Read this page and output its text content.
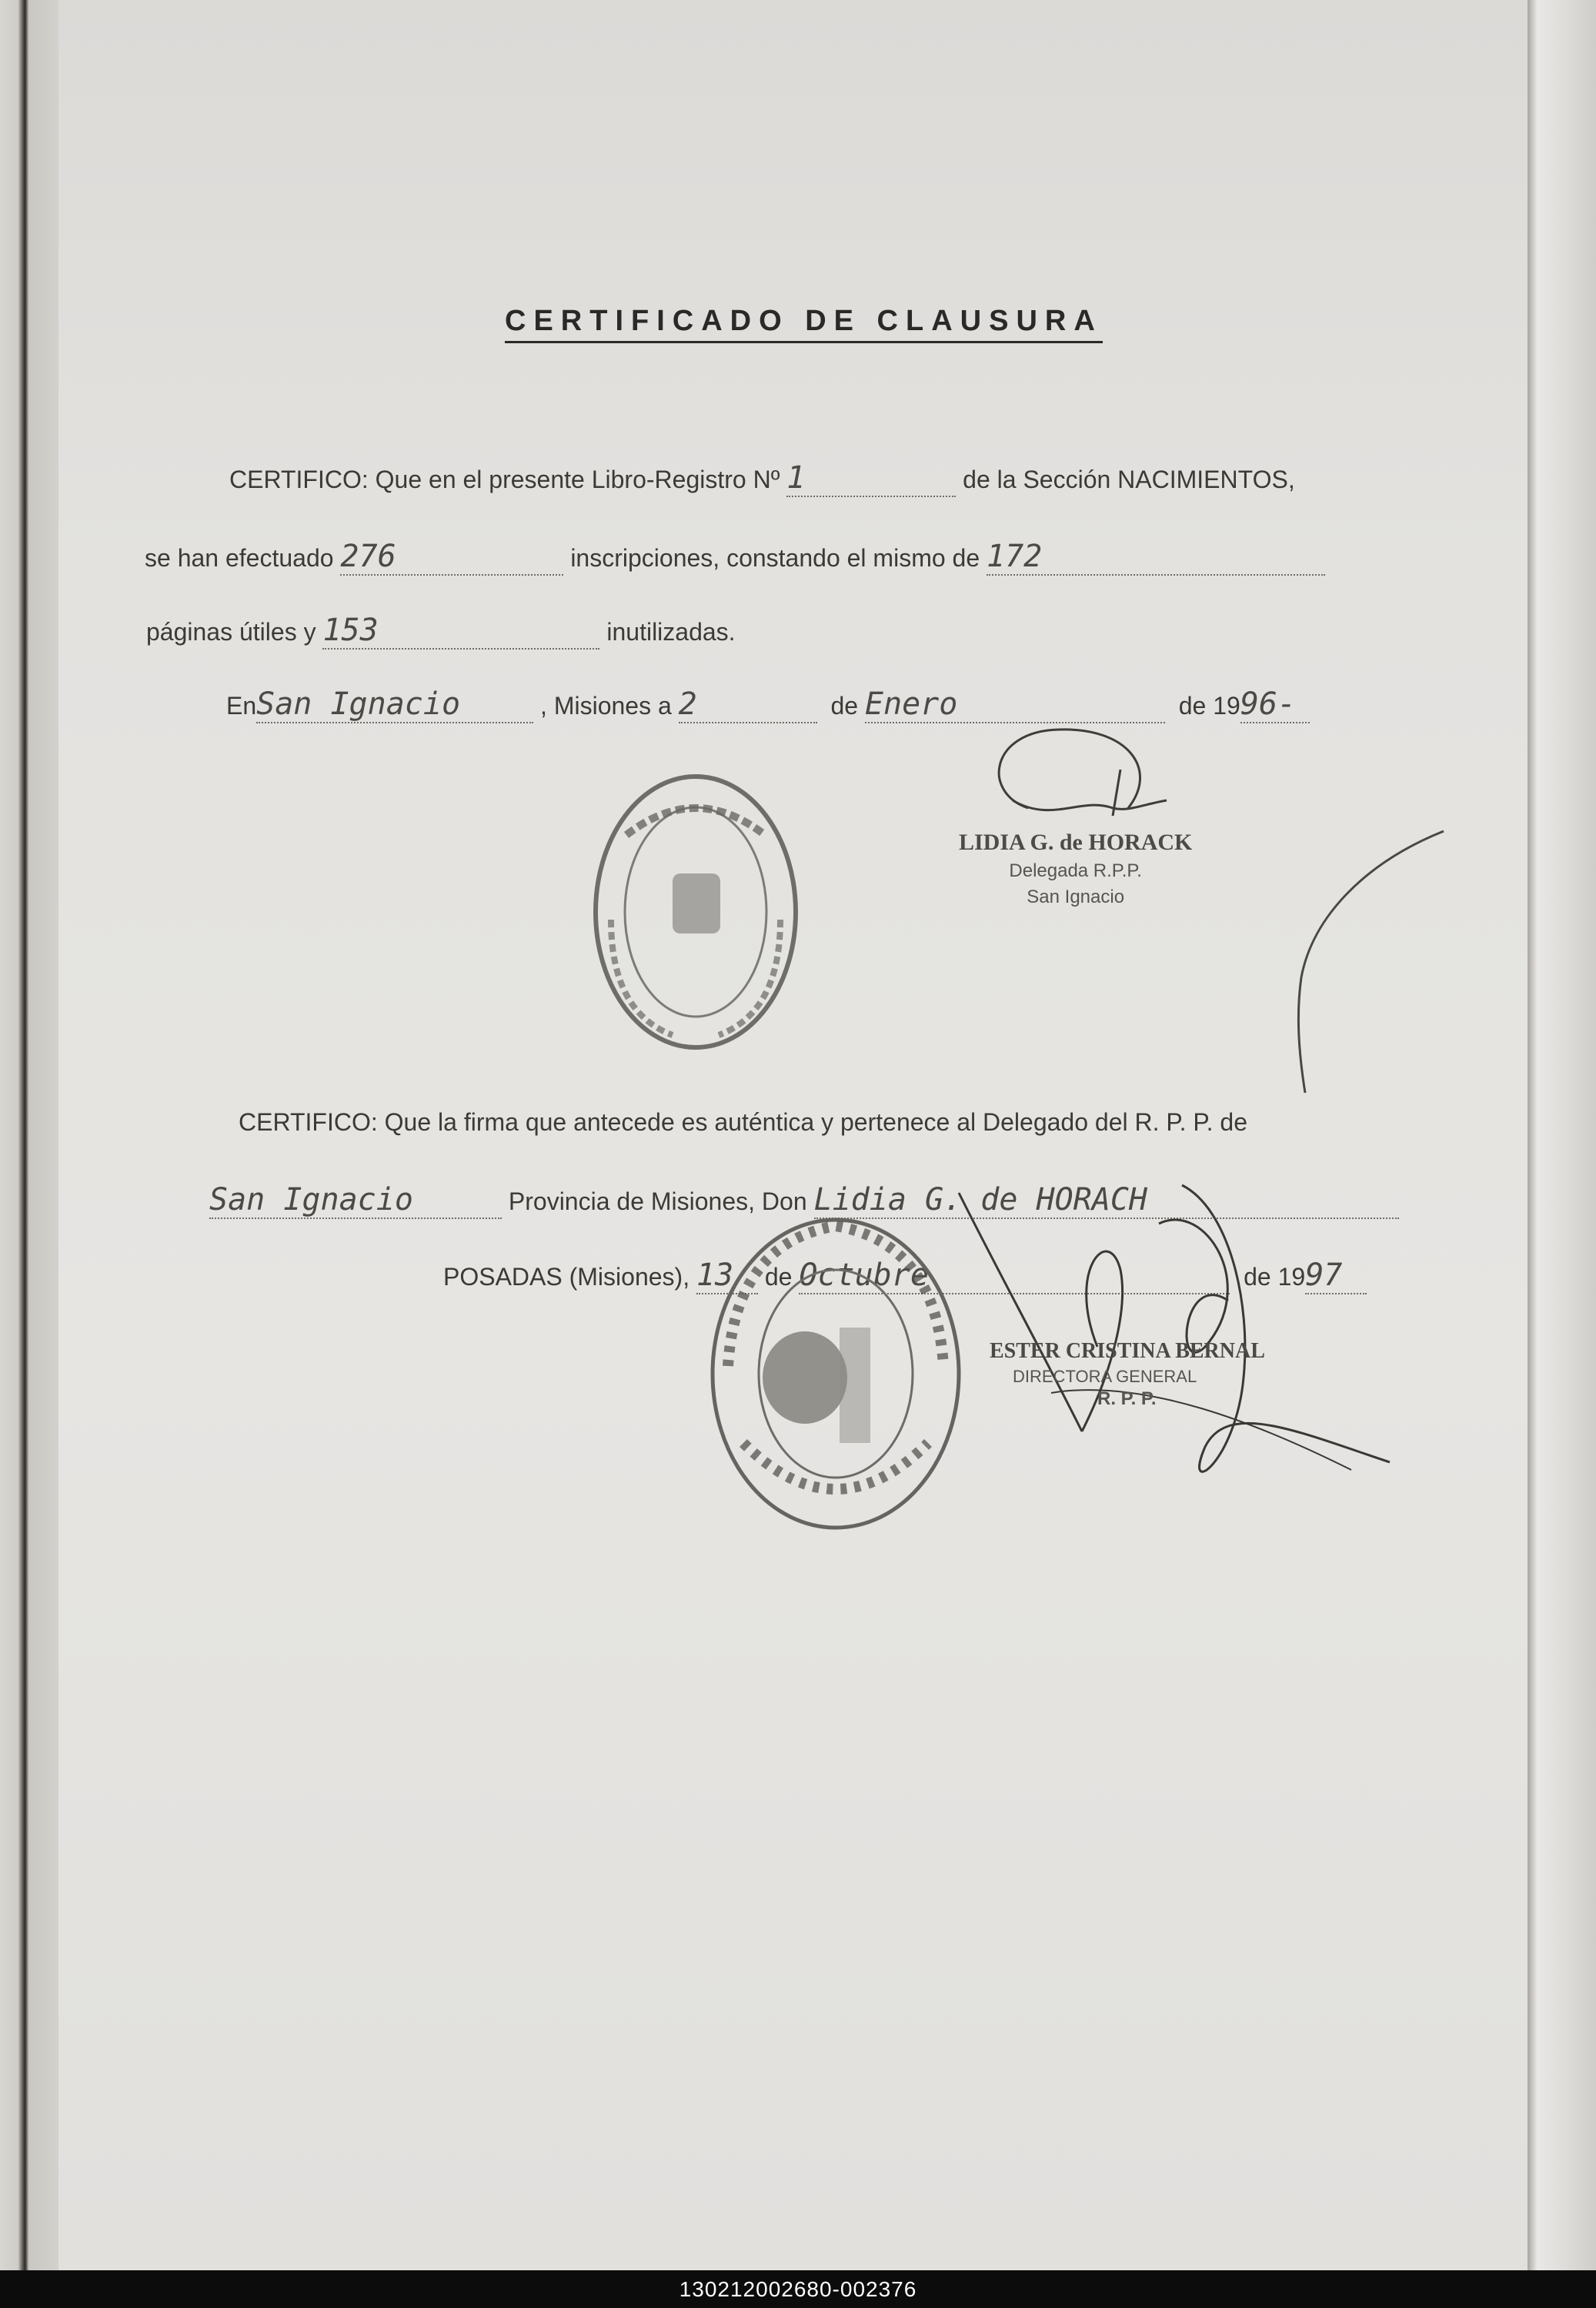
CERTIFICADO DE CLAUSURA
CERTIFICO: Que en el presente Libro-Registro Nº 1	de la Sección NACIMIENTOS,
se han efectuado 276	inscripciones, constando el mismo de 172
páginas útiles y 153	inutilizadas.
EnSan Ignacio	, Misiones a 2	de Enero	de 1996-
LIDIA G. de HORACK
Delegada R.P.P.
San Ignacio
CERTIFICO: Que la firma que antecede es auténtica y pertenece al Delegado del R. P. P. de
San Ignacio	Provincia de Misiones, Don Lidia G. de HORACH
POSADAS (Misiones), 13 de Octubre	de 1997
ESTER CRISTINA BERNAL
DIRECTORA GENERAL
R. P. P.
130212002680-002376
